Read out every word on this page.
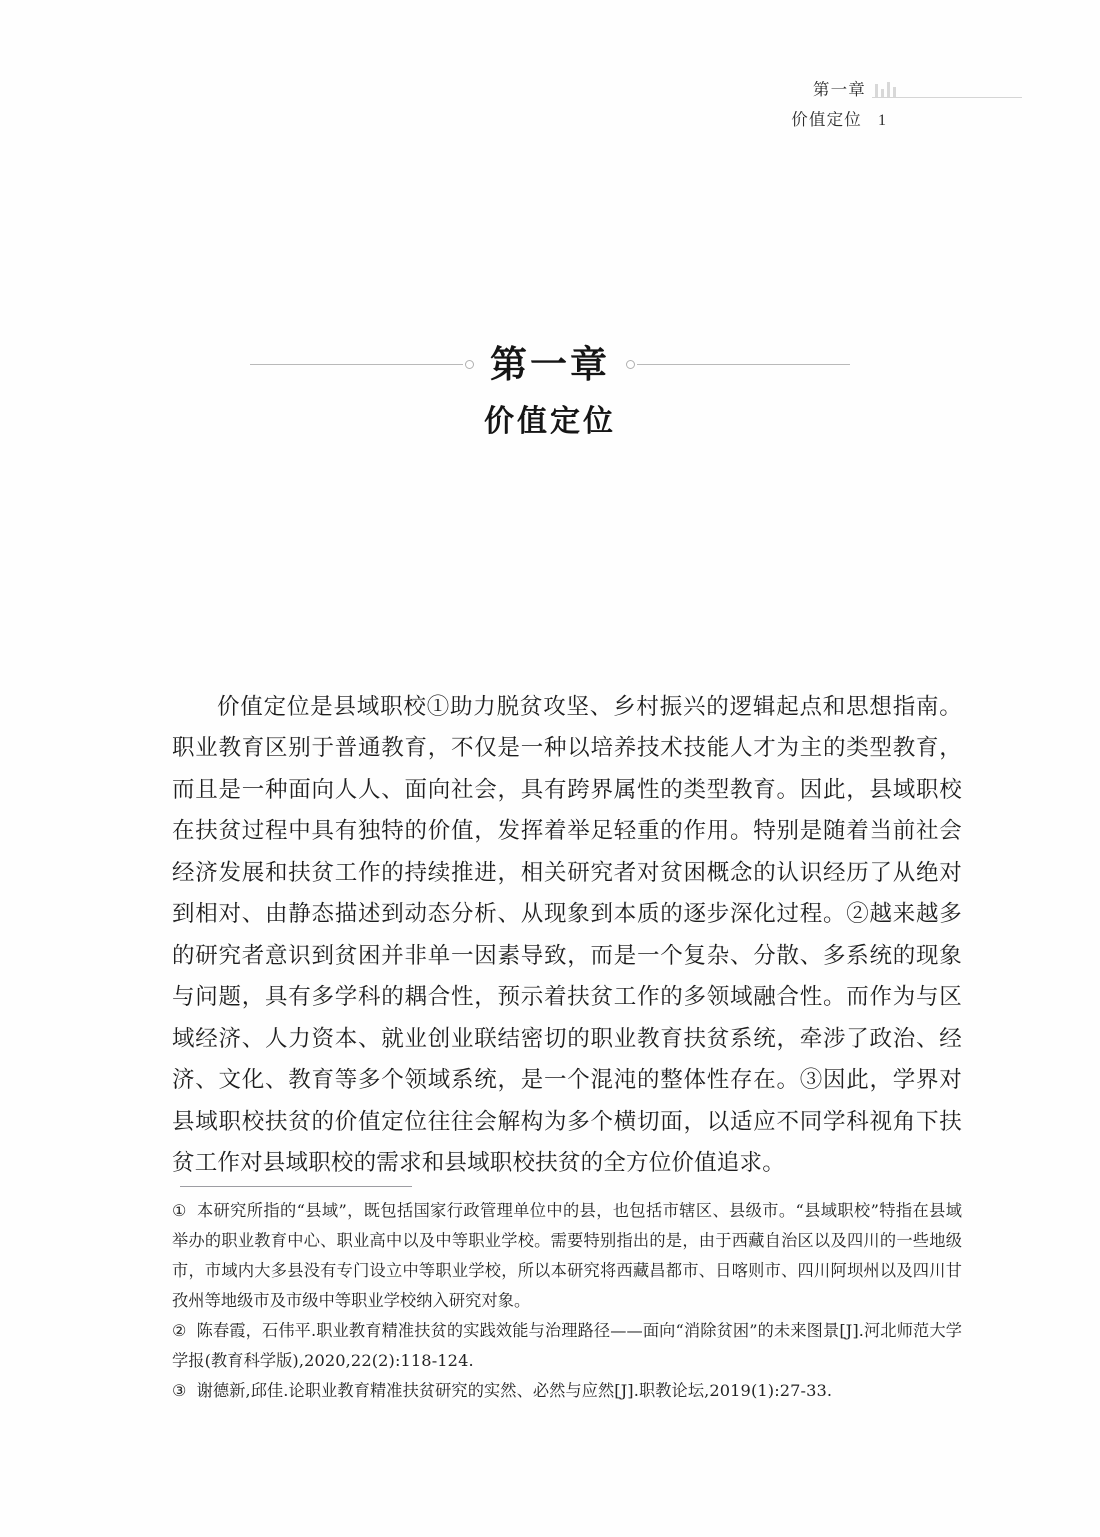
第一章
价值定位 1
第一章
价值定位

价值定位是县域职校①助力脱贫攻坚、乡村振兴的逻辑起点和思想指南。职业教育区别于普通教育，不仅是一种以培养技术技能人才为主的类型教育，而且是一种面向人人、面向社会，具有跨界属性的类型教育。因此，县域职校在扶贫过程中具有独特的价值，发挥着举足轻重的作用。特别是随着当前社会经济发展和扶贫工作的持续推进，相关研究者对贫困概念的认识经历了从绝对到相对、由静态描述到动态分析、从现象到本质的逐步深化过程。②越来越多的研究者意识到贫困并非单一因素导致，而是一个复杂、分散、多系统的现象与问题，具有多学科的耦合性，预示着扶贫工作的多领域融合性。而作为与区域经济、人力资本、就业创业联结密切的职业教育扶贫系统，牵涉了政治、经济、文化、教育等多个领域系统，是一个混沌的整体性存在。③因此，学界对县域职校扶贫的价值定位往往会解构为多个横切面，以适应不同学科视角下扶贫工作对县域职校的需求和县域职校扶贫的全方位价值追求。

① 本研究所指的“县域”，既包括国家行政管理单位中的县，也包括市辖区、县级市。“县域职校”特指在县域举办的职业教育中心、职业高中以及中等职业学校。需要特别指出的是，由于西藏自治区以及四川的一些地级市，市域内大多县没有专门设立中等职业学校，所以本研究将西藏昌都市、日喀则市、四川阿坝州以及四川甘孜州等地级市及市级中等职业学校纳入研究对象。
② 陈春霞，石伟平.职业教育精准扶贫的实践效能与治理路径——面向“消除贫困”的未来图景[J].河北师范大学学报(教育科学版),2020,22(2):118-124.
③ 谢德新,邱佳.论职业教育精准扶贫研究的实然、必然与应然[J].职教论坛,2019(1):27-33.
